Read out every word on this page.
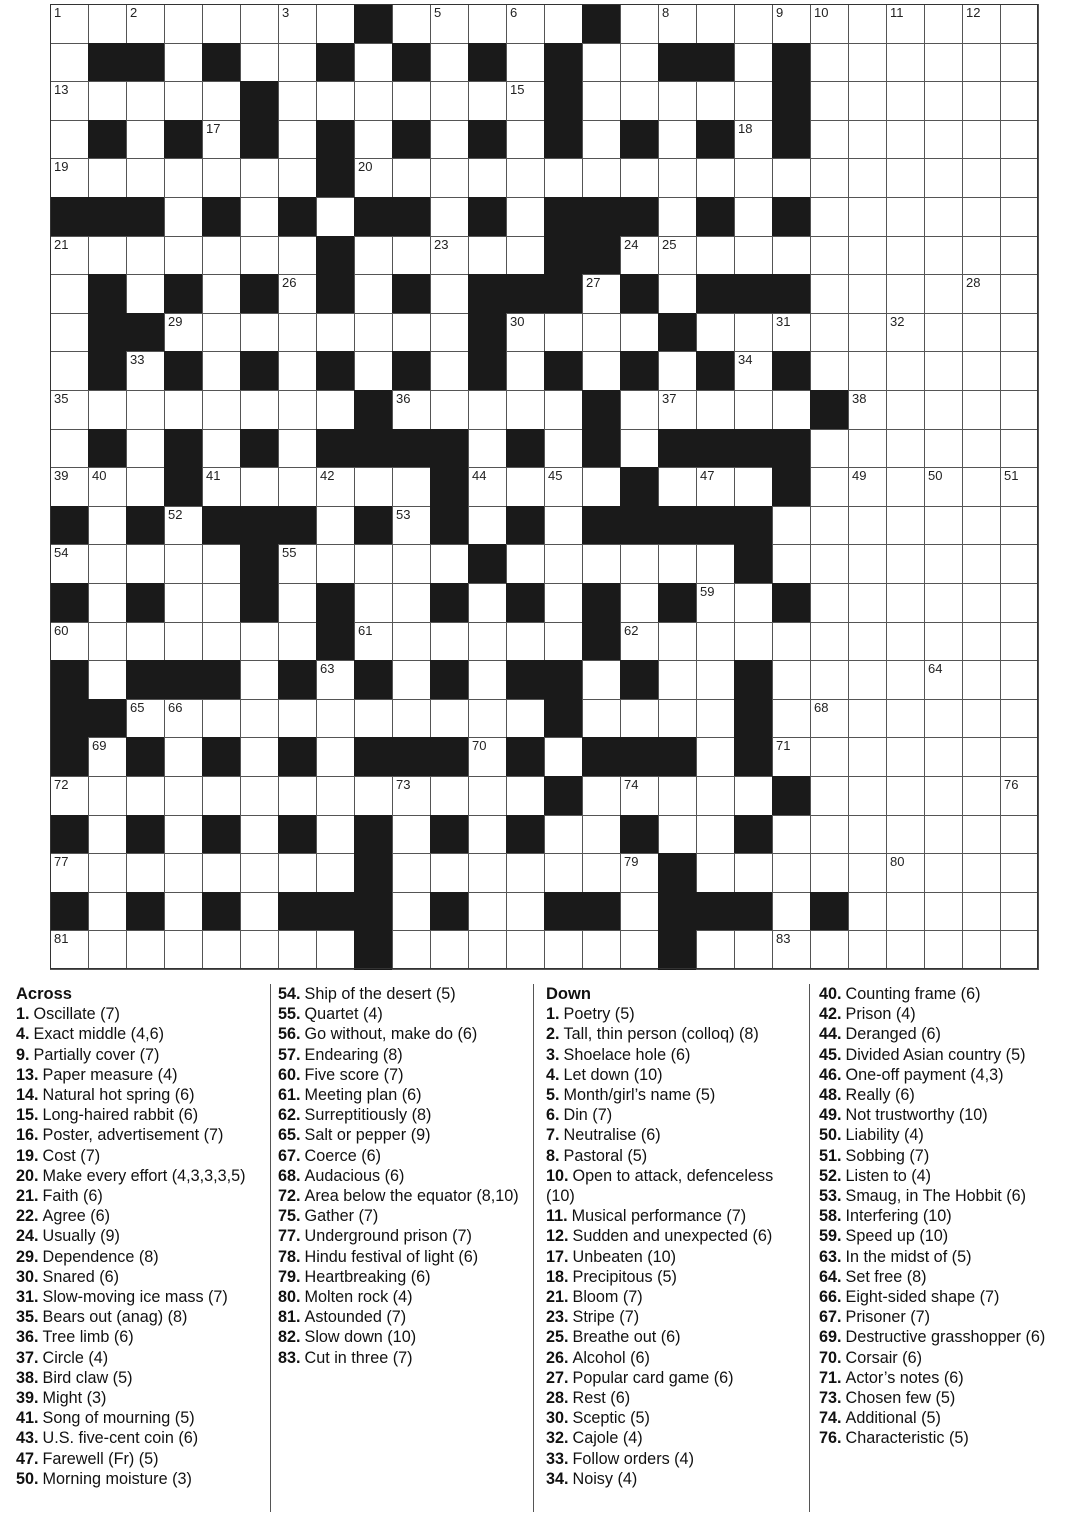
1	2	3	5	6	8	9 10	11	12
13	15
17	18
19	20
21	23	24 25
26	27	28
29	30	31	32
33	34
35	36	37	38
39 40	41	42	44	45	47	49	50	51
52	53
54	55
59
60	61	62
63	64
65 66	68
69	70	71
72	73	74	76
77	79	80
81	83
Across
1. Oscillate (7)
4. Exact middle (4,6)
9. Partially cover (7)
13. Paper measure (4)
14. Natural hot spring (6)
15. Long-haired rabbit (6)
16. Poster, advertisement (7)
19. Cost (7)
20. Make every effort (4,3,3,3,5)
21. Faith (6)
22. Agree (6)
24. Usually (9)
29. Dependence (8)
30. Snared (6)
31. Slow-moving ice mass (7)
35. Bears out (anag) (8)
36. Tree limb (6)
37. Circle (4)
38. Bird claw (5)
39. Might (3)
41. Song of mourning (5)
43. U.S. five-cent coin (6)
47. Farewell (Fr) (5)
50. Morning moisture (3)
54. Ship of the desert (5)
55. Quartet (4)
56. Go without, make do (6)
57. Endearing (8)
60. Five score (7)
61. Meeting plan (6)
62. Surreptitiously (8)
65. Salt or pepper (9)
67. Coerce (6)
68. Audacious (6)
72. Area below the equator (8,10)
75. Gather (7)
77. Underground prison (7)
78. Hindu festival of light (6)
79. Heartbreaking (6)
80. Molten rock (4)
81. Astounded (7)
82. Slow down (10)
83. Cut in three (7)
Down
1. Poetry (5)
2. Tall, thin person (colloq) (8)
3. Shoelace hole (6)
4. Let down (10)
5. Month/girl’s name (5)
6. Din (7)
7. Neutralise (6)
8. Pastoral (5)
10. Open to attack, defenceless (10)
11. Musical performance (7)
12. Sudden and unexpected (6)
17. Unbeaten (10)
18. Precipitous (5)
21. Bloom (7)
23. Stripe (7)
25. Breathe out (6)
26. Alcohol (6)
27. Popular card game (6)
28. Rest (6)
30. Sceptic (5)
32. Cajole (4)
33. Follow orders (4)
34. Noisy (4)
40. Counting frame (6)
42. Prison (4)
44. Deranged (6)
45. Divided Asian country (5)
46. One-off payment (4,3)
48. Really (6)
49. Not trustworthy (10)
50. Liability (4)
51. Sobbing (7)
52. Listen to (4)
53. Smaug, in The Hobbit (6)
58. Interfering (10)
59. Speed up (10)
63. In the midst of (5)
64. Set free (8)
66. Eight-sided shape (7)
67. Prisoner (7)
69. Destructive grasshopper (6)
70. Corsair (6)
71. Actor’s notes (6)
73. Chosen few (5)
74. Additional (5)
76. Characteristic (5)
